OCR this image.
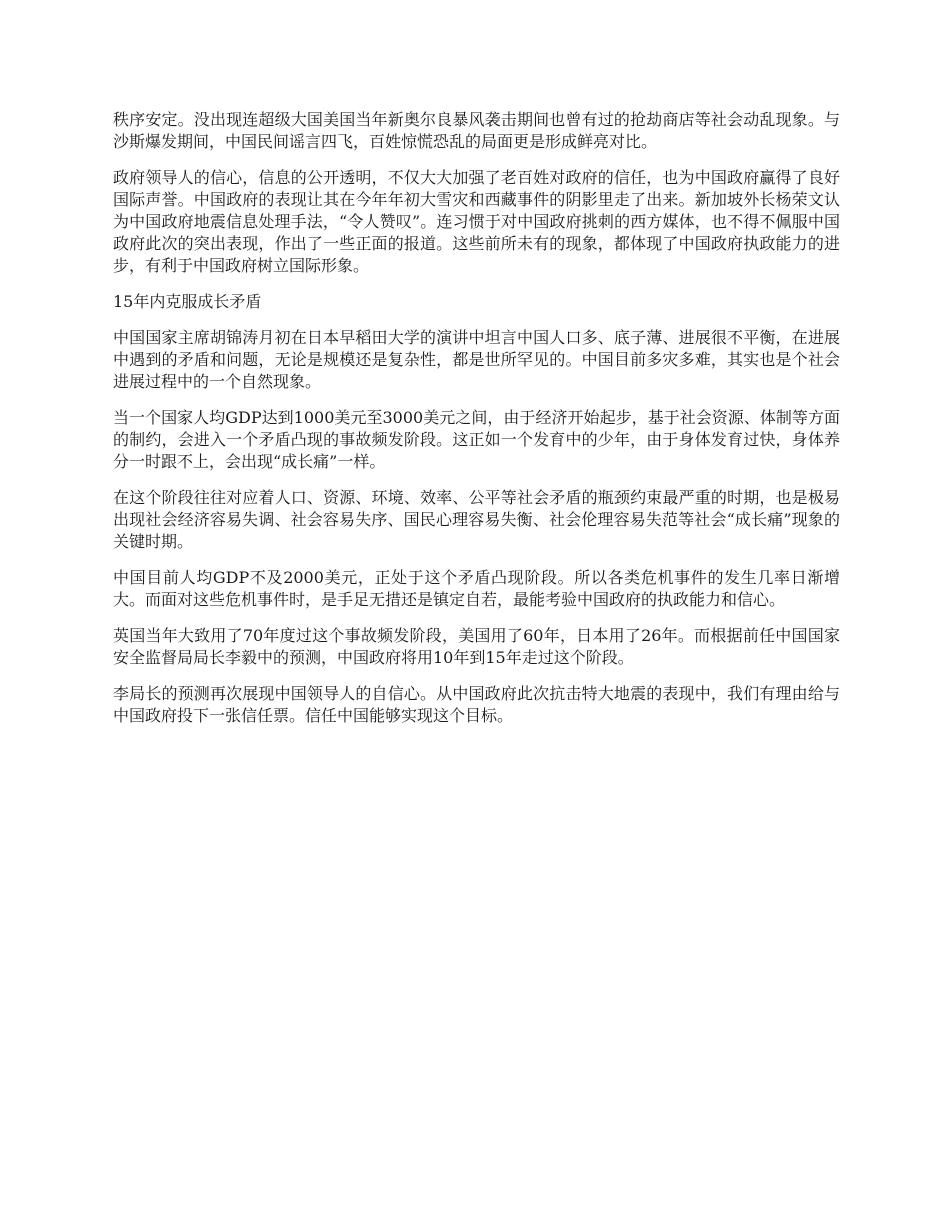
秩序安定。没出现连超级大国美国当年新奥尔良暴风袭击期间也曾有过的抢劫商店等社会动乱现象。与沙斯爆发期间，中国民间谣言四飞，百姓惊慌恐乱的局面更是形成鲜亮对比。

政府领导人的信心，信息的公开透明，不仅大大加强了老百姓对政府的信任，也为中国政府赢得了良好国际声誉。中国政府的表现让其在今年年初大雪灾和西藏事件的阴影里走了出来。新加坡外长杨荣文认为中国政府地震信息处理手法，“令人赞叹”。连习惯于对中国政府挑刺的西方媒体，也不得不佩服中国政府此次的突出表现，作出了一些正面的报道。这些前所未有的现象，都体现了中国政府执政能力的进步，有利于中国政府树立国际形象。

15年内克服成长矛盾

中国国家主席胡锦涛月初在日本早稻田大学的演讲中坦言中国人口多、底子薄、进展很不平衡，在进展中遇到的矛盾和问题，无论是规模还是复杂性，都是世所罕见的。中国目前多灾多难，其实也是个社会进展过程中的一个自然现象。

当一个国家人均GDP达到1000美元至3000美元之间，由于经济开始起步，基于社会资源、体制等方面的制约，会进入一个矛盾凸现的事故频发阶段。这正如一个发育中的少年，由于身体发育过快，身体养分一时跟不上，会出现“成长痛”一样。

在这个阶段往往对应着人口、资源、环境、效率、公平等社会矛盾的瓶颈约束最严重的时期，也是极易出现社会经济容易失调、社会容易失序、国民心理容易失衡、社会伦理容易失范等社会“成长痛”现象的关键时期。

中国目前人均GDP不及2000美元，正处于这个矛盾凸现阶段。所以各类危机事件的发生几率日渐增大。而面对这些危机事件时，是手足无措还是镇定自若，最能考验中国政府的执政能力和信心。

英国当年大致用了70年度过这个事故频发阶段，美国用了60年，日本用了26年。而根据前任中国国家安全监督局局长李毅中的预测，中国政府将用10年到15年走过这个阶段。

李局长的预测再次展现中国领导人的自信心。从中国政府此次抗击特大地震的表现中，我们有理由给与中国政府投下一张信任票。信任中国能够实现这个目标。
